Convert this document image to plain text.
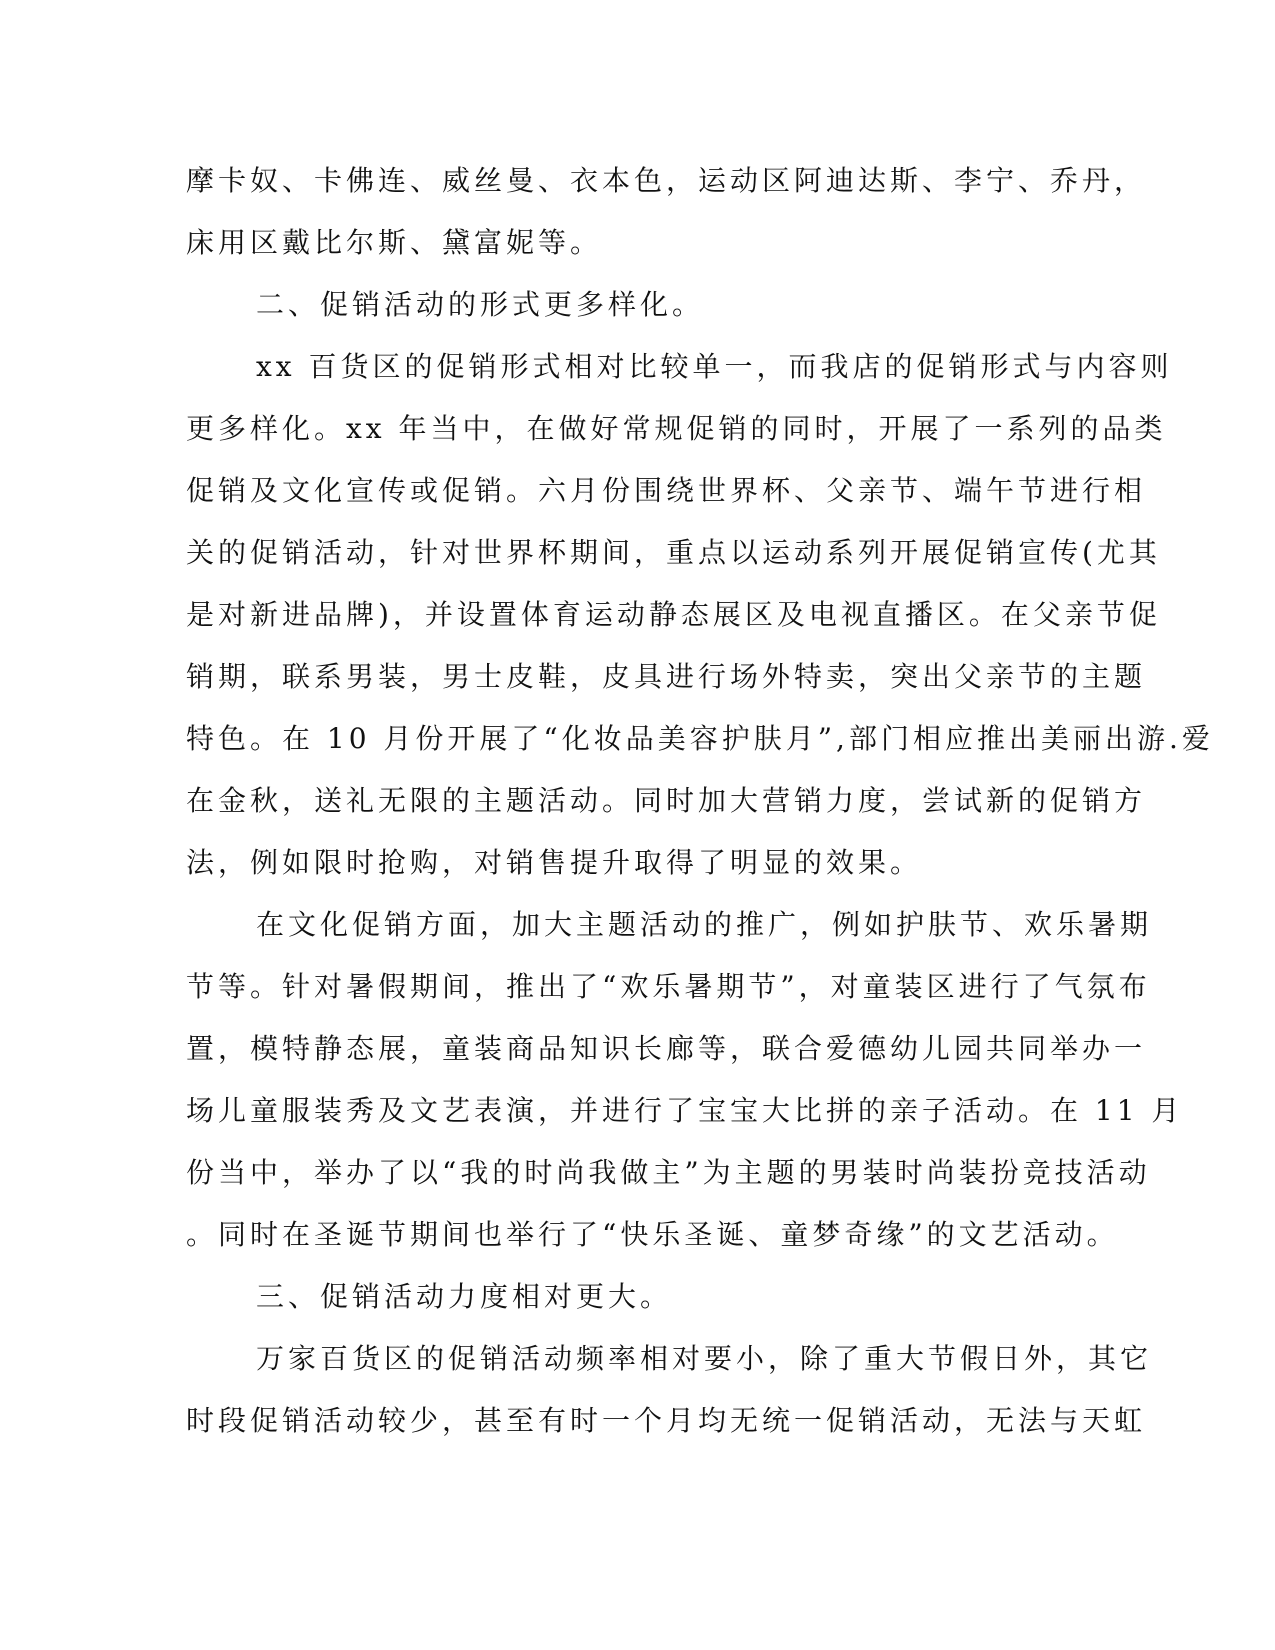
摩卡奴、卡佛连、威丝曼、衣本色，运动区阿迪达斯、李宁、乔丹，
床用区戴比尔斯、黛富妮等。
二、促销活动的形式更多样化。
xx 百货区的促销形式相对比较单一，而我店的促销形式与内容则
更多样化。xx 年当中，在做好常规促销的同时，开展了一系列的品类
促销及文化宣传或促销。六月份围绕世界杯、父亲节、端午节进行相
关的促销活动，针对世界杯期间，重点以运动系列开展促销宣传(尤其
是对新进品牌)，并设置体育运动静态展区及电视直播区。在父亲节促
销期，联系男装，男士皮鞋，皮具进行场外特卖，突出父亲节的主题
特色。在 10 月份开展了“化妆品美容护肤月”,部门相应推出美丽出游.爱
在金秋，送礼无限的主题活动。同时加大营销力度，尝试新的促销方
法，例如限时抢购，对销售提升取得了明显的效果。
在文化促销方面，加大主题活动的推广，例如护肤节、欢乐暑期
节等。针对暑假期间，推出了“欢乐暑期节”，对童装区进行了气氛布
置，模特静态展，童装商品知识长廊等，联合爱德幼儿园共同举办一
场儿童服装秀及文艺表演，并进行了宝宝大比拼的亲子活动。在 11 月
份当中，举办了以“我的时尚我做主”为主题的男装时尚装扮竞技活动
。同时在圣诞节期间也举行了“快乐圣诞、童梦奇缘”的文艺活动。
三、促销活动力度相对更大。
万家百货区的促销活动频率相对要小，除了重大节假日外，其它
时段促销活动较少，甚至有时一个月均无统一促销活动，无法与天虹
